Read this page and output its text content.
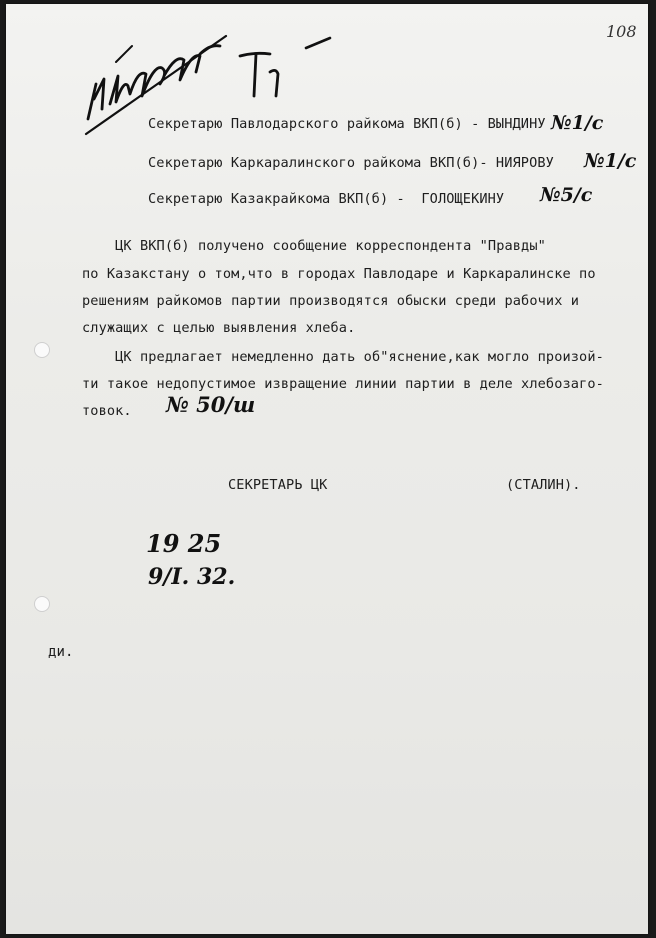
108
Секретарю Павлодарского райкома ВКП(б) - ВЫНДИНУ №1/с
Секретарю Каркаралинского райкома ВКП(б)- НИЯРОВУ №1/с
Секретарю Казакрайкома ВКП(б) -  ГОЛОЩЕКИНУ №5/с
ЦК ВКП(б) получено сообщение корреспондента "Правды"
по Казакстану о том,что в городах Павлодаре и Каркаралинске по
решениям райкомов партии производятся обыски среди рабочих и
служащих с целью выявления хлеба.
ЦК предлагает немедленно дать об"яснение,как могло произой-
ти такое недопустимое извращение линии партии в деле хлебозаго-
товок. № 50/ш
СЕКРЕТАРЬ ЦК	(СТАЛИН).
19 25
9/I. 32.
ди.
